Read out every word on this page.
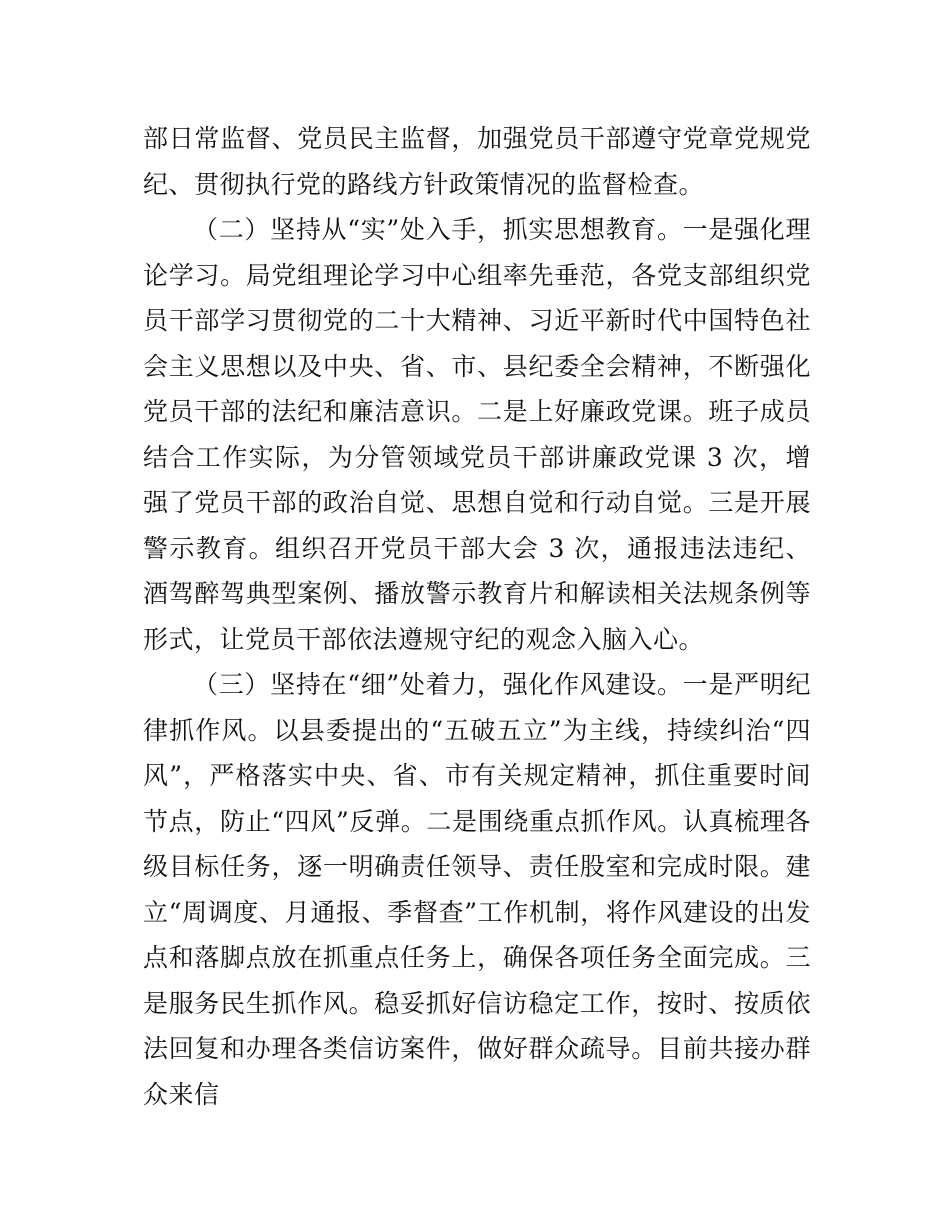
部日常监督、党员民主监督，加强党员干部遵守党章党规党纪、贯彻执行党的路线方针政策情况的监督检查。

（二）坚持从“实”处入手，抓实思想教育。一是强化理论学习。局党组理论学习中心组率先垂范，各党支部组织党员干部学习贯彻党的二十大精神、习近平新时代中国特色社会主义思想以及中央、省、市、县纪委全会精神，不断强化党员干部的法纪和廉洁意识。二是上好廉政党课。班子成员结合工作实际，为分管领域党员干部讲廉政党课 3 次，增强了党员干部的政治自觉、思想自觉和行动自觉。三是开展警示教育。组织召开党员干部大会 3 次，通报违法违纪、酒驾醉驾典型案例、播放警示教育片和解读相关法规条例等形式，让党员干部依法遵规守纪的观念入脑入心。

（三）坚持在“细”处着力，强化作风建设。一是严明纪律抓作风。以县委提出的“五破五立”为主线，持续纠治“四风”，严格落实中央、省、市有关规定精神，抓住重要时间节点，防止“四风”反弹。二是围绕重点抓作风。认真梳理各级目标任务，逐一明确责任领导、责任股室和完成时限。建立“周调度、月通报、季督查”工作机制，将作风建设的出发点和落脚点放在抓重点任务上，确保各项任务全面完成。三是服务民生抓作风。稳妥抓好信访稳定工作，按时、按质依法回复和办理各类信访案件，做好群众疏导。目前共接办群众来信
